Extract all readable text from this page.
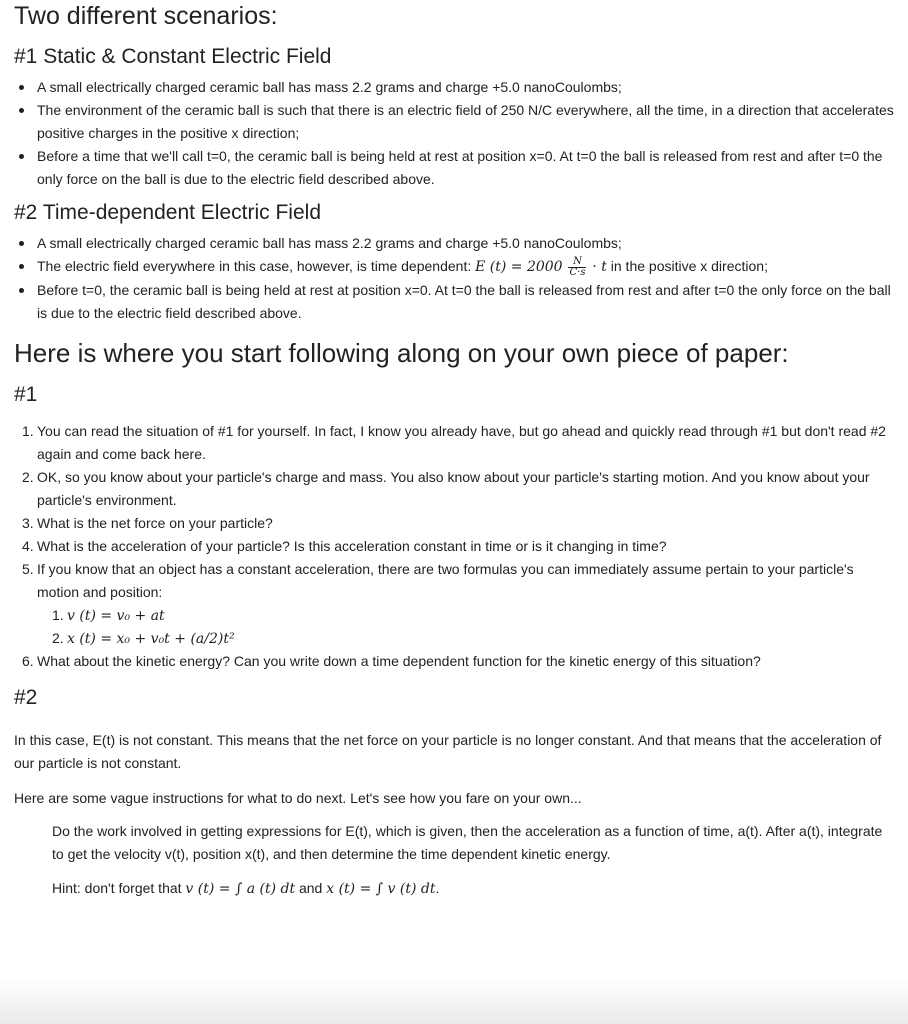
Two different scenarios:
#1 Static & Constant Electric Field
A small electrically charged ceramic ball has mass 2.2 grams and charge +5.0 nanoCoulombs;
The environment of the ceramic ball is such that there is an electric field of 250 N/C everywhere, all the time, in a direction that accelerates positive charges in the positive x direction;
Before a time that we'll call t=0, the ceramic ball is being held at rest at position x=0. At t=0 the ball is released from rest and after t=0 the only force on the ball is due to the electric field described above.
#2 Time-dependent Electric Field
A small electrically charged ceramic ball has mass 2.2 grams and charge +5.0 nanoCoulombs;
The electric field everywhere in this case, however, is time dependent: E $(t) = 2000 \frac{N}{C\cdot s} \cdot t$ in the positive x direction;
Before t=0, the ceramic ball is being held at rest at position x=0. At t=0 the ball is released from rest and after t=0 the only force on the ball is due to the electric field described above.
Here is where you start following along on your own piece of paper:
#1
1. You can read the situation of #1 for yourself. In fact, I know you already have, but go ahead and quickly read through #1 but don't read #2 again and come back here.
2. OK, so you know about your particle's charge and mass. You also know about your particle's starting motion. And you know about your particle's environment.
3. What is the net force on your particle?
4. What is the acceleration of your particle? Is this acceleration constant in time or is it changing in time?
5. If you know that an object has a constant acceleration, there are two formulas you can immediately assume pertain to your particle's motion and position:
1. v (t) = v₀ + at
2. x (t) = x₀ + v₀t + (a/2)t²
6. What about the kinetic energy? Can you write down a time dependent function for the kinetic energy of this situation?
#2

In this case, E(t) is not constant. This means that the net force on your particle is no longer constant. And that means that the acceleration of our particle is not constant.

Here are some vague instructions for what to do next. Let's see how you fare on your own...

Do the work involved in getting expressions for E(t), which is given, then the acceleration as a function of time, a(t). After a(t), integrate to get the velocity v(t), position x(t), and then determine the time dependent kinetic energy.

Hint: don't forget that v (t) = ∫ a (t) dt and x (t) = ∫ v (t) dt.
